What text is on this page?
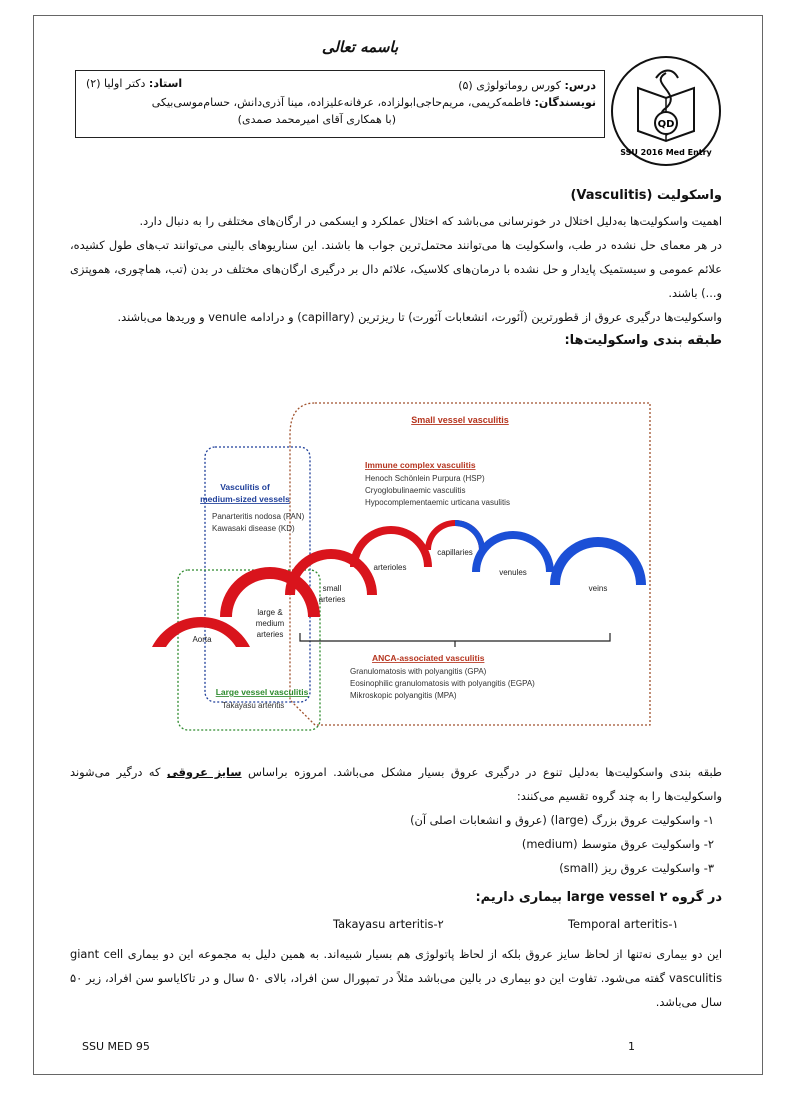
باسمه تعالی
QD
SSU 2016 Med Entry
درس: کورس روماتولوژی (۵)
استاد: دکتر اولیا (۲)
نویسندگان: فاطمه‌کریمی، مریم‌حاجی‌ابولزاده، عرفانه‌علیزاده، مینا آذری‌دانش، حسام‌موسی‌بیکی
(با همکاری آقای امیرمحمد صمدی)
واسکولیت (Vasculitis)
اهمیت واسکولیت‌ها به‌دلیل اختلال در خونرسانی می‌باشد که اختلال عملکرد و ایسکمی در ارگان‌های مختلفی را به دنبال دارد.
در هر معمای حل نشده در طب، واسکولیت ها می‌توانند محتمل‌ترین جواب ها باشند. این سناریوهای بالینی می‌توانند تب‌های طول کشیده، علائم عمومی و سیستمیک پایدار و حل نشده با درمان‌های کلاسیک، علائم دال بر درگیری ارگان‌های مختلف در بدن (تب، هماچوری، هموپتزی و...) باشند.
واسکولیت‌ها درگیری عروق از قطورترین (آئورت، انشعابات آئورت) تا ریزترین (capillary) و درادامه venule و وریدها می‌باشند.
طبقه بندی واسکولیت‌ها:
Small vessel vasculitis
Immune complex vasculitis
Henoch Schönlein Purpura (HSP)
Cryoglobulinaemic vasculitis
Hypocomplementaemic urticana vasulitis
Vasculitis of
medium-sized vessels
Panarteritis nodosa (PAN)
Kawasaki disease (KD)
Aorta
large &
medium
arteries
small
arteries
arterioles
capillaries
venules
veins
ANCA-associated vasculitis
Granulomatosis with polyangitis (GPA)
Eosinophilic granulomatosis with polyangitis (EGPA)
Mikroskopic polyangitis (MPA)
Large vessel vasculitis
Takayasu arteritis
طبقه بندی واسکولیت‌ها به‌دلیل تنوع در درگیری عروق بسیار مشکل می‌باشد. امروزه براساس سایز عروقی که درگیر می‌شوند واسکولیت‌ها را به چند گروه تقسیم می‌کنند:
۱- واسکولیت عروق بزرگ (large) (عروق و انشعابات اصلی آن)
۲- واسکولیت عروق متوسط (medium)
۳- واسکولیت عروق ریز (small)
در گروه large vessel ۲ بیماری داریم:
Temporal arteritis-۱
Takayasu arteritis-۲
این دو بیماری نه‌تنها از لحاظ سایز عروق بلکه از لحاظ پاتولوژی هم بسیار شبیه‌اند. به همین دلیل به مجموعه این دو بیماری giant cell vasculitis گفته می‌شود. تفاوت این دو بیماری در بالین می‌باشد مثلاً در تمپورال سن افراد، بالای ۵۰ سال و در تاکایاسو سن افراد، زیر ۵۰ سال می‌باشد.
SSU MED 95	1
